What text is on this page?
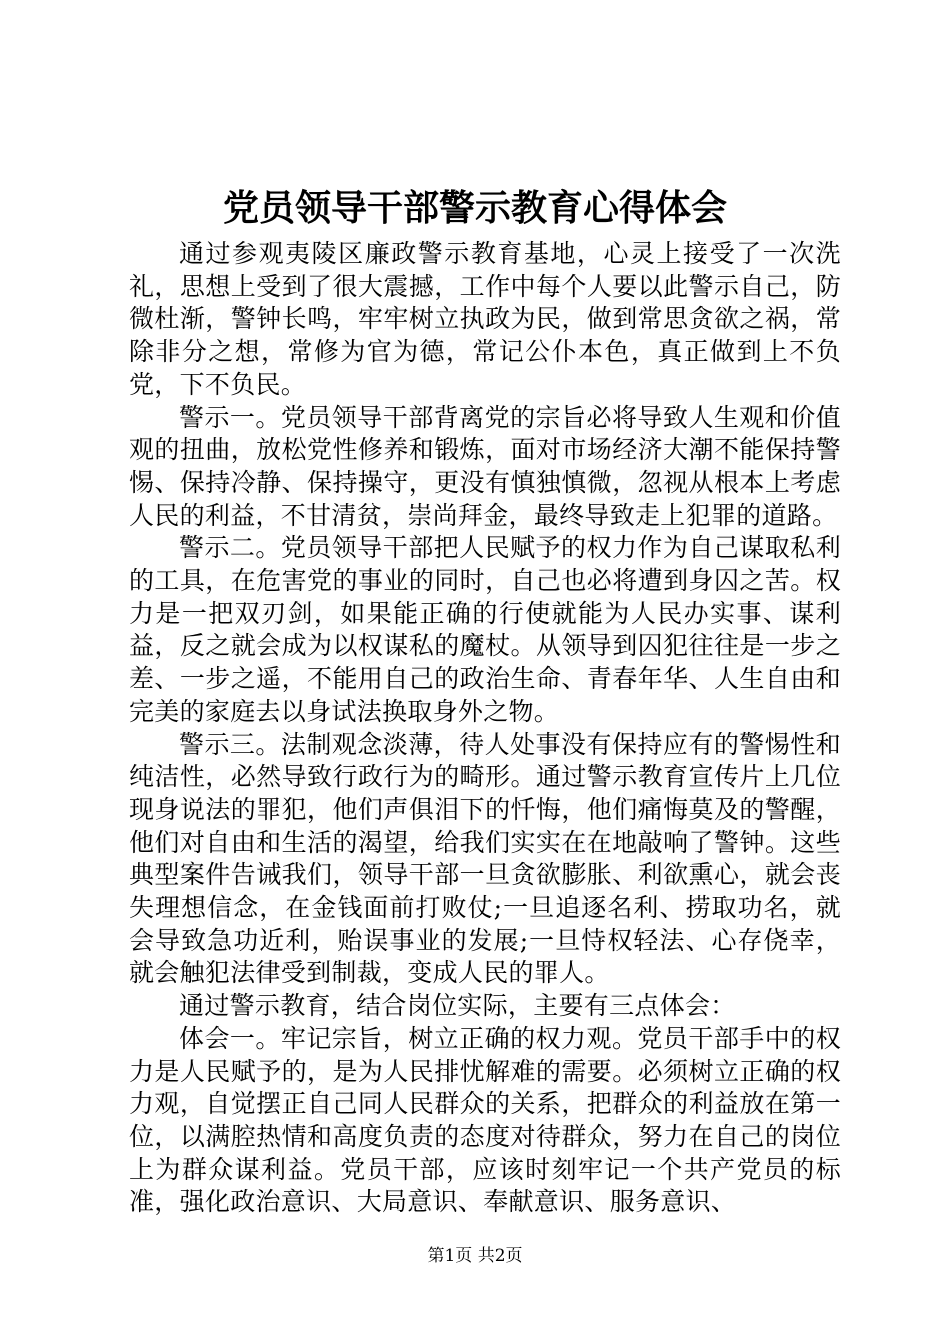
党员领导干部警示教育心得体会

通过参观夷陵区廉政警示教育基地，心灵上接受了一次洗礼，思想上受到了很大震撼，工作中每个人要以此警示自己，防微杜渐，警钟长鸣，牢牢树立执政为民，做到常思贪欲之祸，常除非分之想，常修为官为德，常记公仆本色，真正做到上不负党，下不负民。

警示一。党员领导干部背离党的宗旨必将导致人生观和价值观的扭曲，放松党性修养和锻炼，面对市场经济大潮不能保持警惕、保持冷静、保持操守，更没有慎独慎微，忽视从根本上考虑人民的利益，不甘清贫，崇尚拜金，最终导致走上犯罪的道路。

警示二。党员领导干部把人民赋予的权力作为自己谋取私利的工具，在危害党的事业的同时，自己也必将遭到身囚之苦。权力是一把双刃剑，如果能正确的行使就能为人民办实事、谋利益，反之就会成为以权谋私的魔杖。从领导到囚犯往往是一步之差、一步之遥，不能用自己的政治生命、青春年华、人生自由和完美的家庭去以身试法换取身外之物。

警示三。法制观念淡薄，待人处事没有保持应有的警惕性和纯洁性，必然导致行政行为的畸形。通过警示教育宣传片上几位现身说法的罪犯，他们声俱泪下的忏悔，他们痛悔莫及的警醒，他们对自由和生活的渴望，给我们实实在在地敲响了警钟。这些典型案件告诫我们，领导干部一旦贪欲膨胀、利欲熏心，就会丧失理想信念，在金钱面前打败仗;一旦追逐名利、捞取功名，就会导致急功近利，贻误事业的发展;一旦恃权轻法、心存侥幸，就会触犯法律受到制裁，变成人民的罪人。

通过警示教育，结合岗位实际，主要有三点体会：

体会一。牢记宗旨，树立正确的权力观。党员干部手中的权力是人民赋予的，是为人民排忧解难的需要。必须树立正确的权力观，自觉摆正自己同人民群众的关系，把群众的利益放在第一位，以满腔热情和高度负责的态度对待群众，努力在自己的岗位上为群众谋利益。党员干部，应该时刻牢记一个共产党员的标准，强化政治意识、大局意识、奉献意识、服务意识、

第1页 共2页
